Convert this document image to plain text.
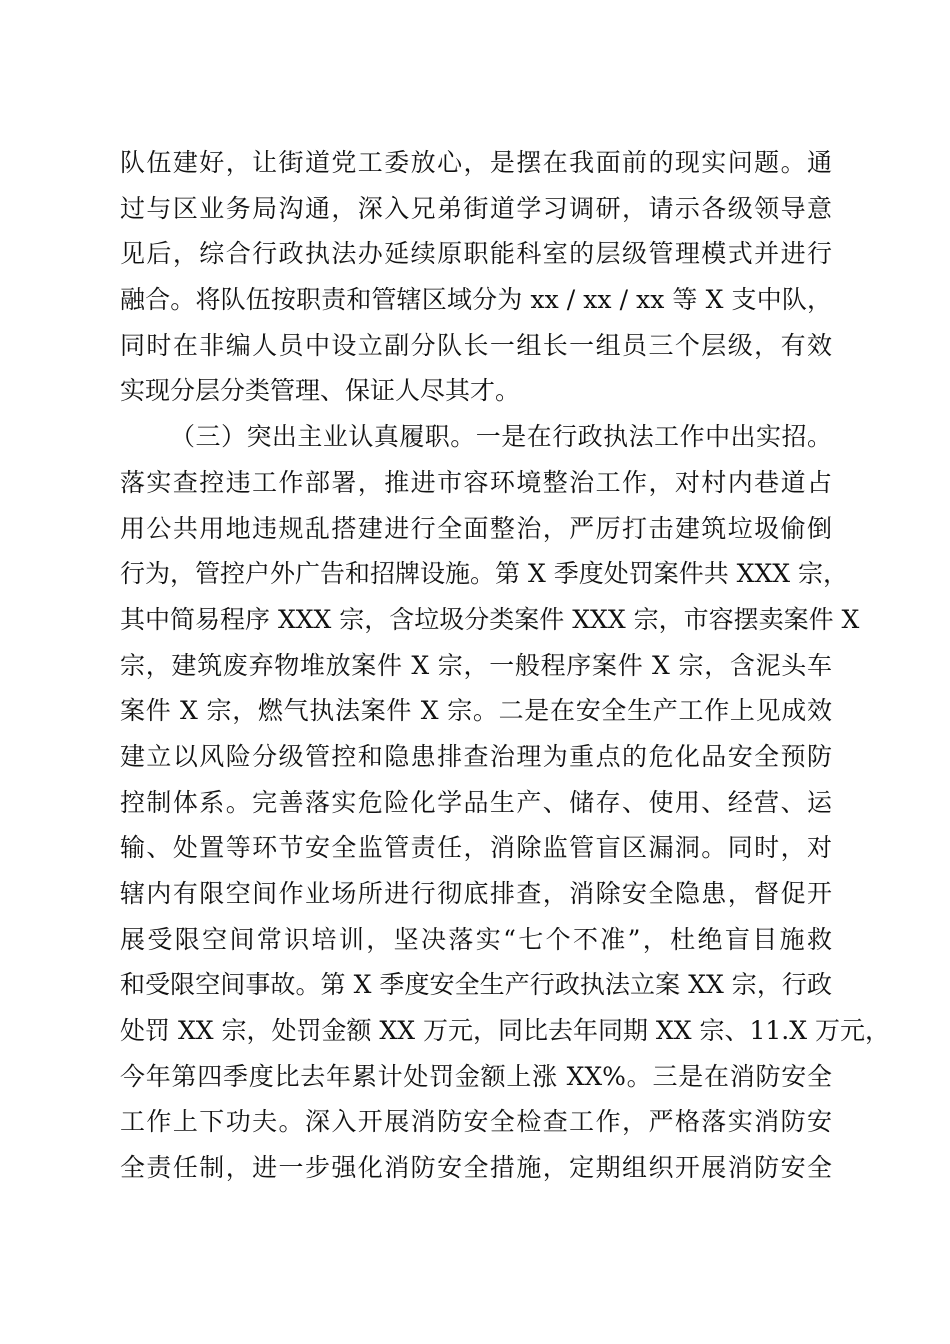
队伍建好，让街道党工委放心，是摆在我面前的现实问题。通
过与区业务局沟通，深入兄弟街道学习调研，请示各级领导意
见后，综合行政执法办延续原职能科室的层级管理模式并进行
融合。将队伍按职责和管辖区域分为 xx / xx / xx 等 X 支中队，
同时在非编人员中设立副分队长一组长一组员三个层级，有效
实现分层分类管理、保证人尽其才。
（三）突出主业认真履职。一是在行政执法工作中出实招。
落实查控违工作部署，推进市容环境整治工作，对村内巷道占
用公共用地违规乱搭建进行全面整治，严厉打击建筑垃圾偷倒
行为，管控户外广告和招牌设施。第 X 季度处罚案件共 XXX 宗，
其中简易程序 XXX 宗，含垃圾分类案件 XXX 宗，市容摆卖案件 X
宗，建筑废弃物堆放案件 X 宗，一般程序案件 X 宗，含泥头车
案件 X 宗，燃气执法案件 X 宗。二是在安全生产工作上见成效
建立以风险分级管控和隐患排查治理为重点的危化品安全预防
控制体系。完善落实危险化学品生产、储存、使用、经营、运
输、处置等环节安全监管责任，消除监管盲区漏洞。同时，对
辖内有限空间作业场所进行彻底排查，消除安全隐患，督促开
展受限空间常识培训，坚决落实“七个不准”，杜绝盲目施救
和受限空间事故。第 X 季度安全生产行政执法立案 XX 宗，行政
处罚 XX 宗，处罚金额 XX 万元，同比去年同期 XX 宗、11.X 万元，
今年第四季度比去年累计处罚金额上涨 XX%。三是在消防安全
工作上下功夫。深入开展消防安全检查工作，严格落实消防安
全责任制，进一步强化消防安全措施，定期组织开展消防安全
